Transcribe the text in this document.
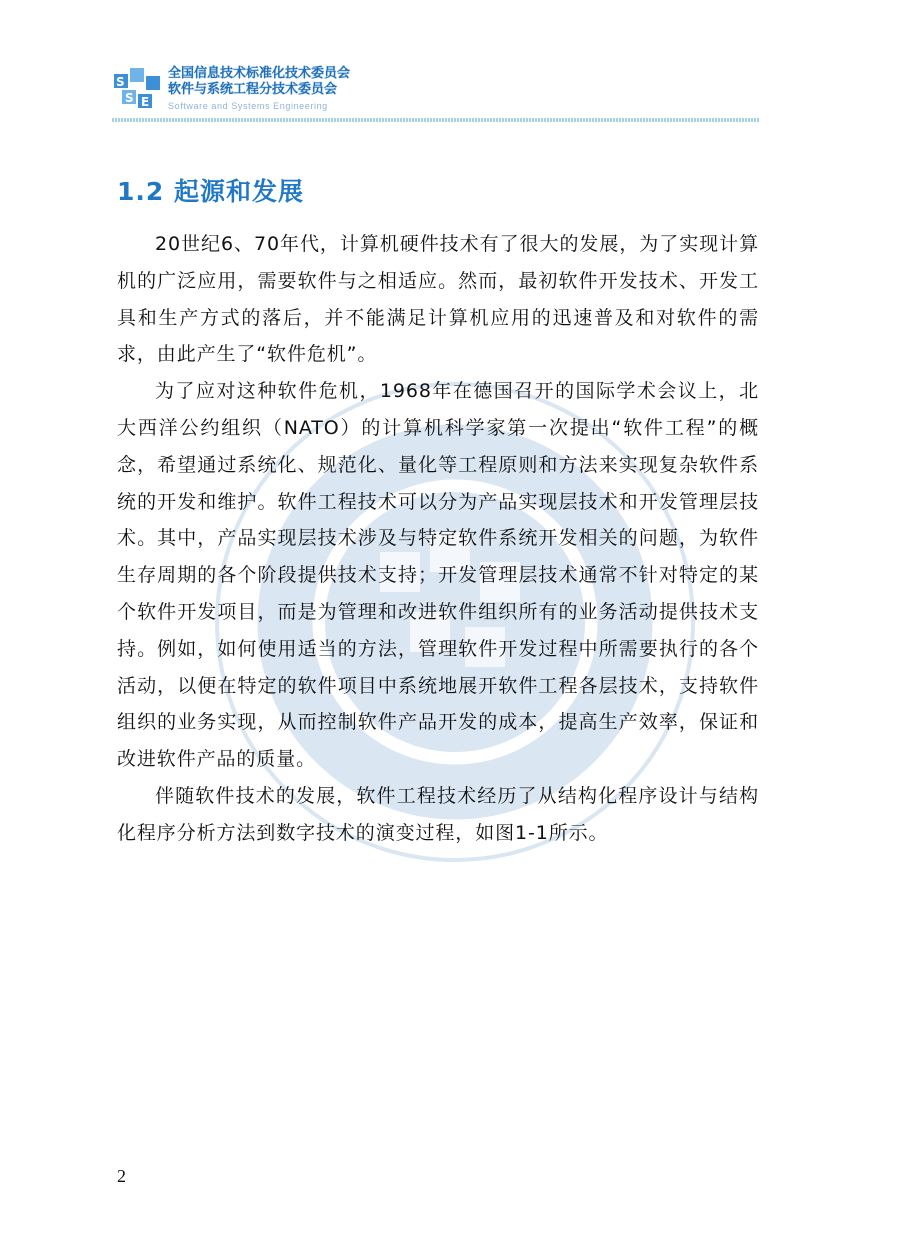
S
S E
全国信息技术标准化技术委员会
软件与系统工程分技术委员会
Software and Systems Engineering
1.2 起源和发展

20世纪6、70年代，计算机硬件技术有了很大的发展，为了实现计算机的广泛应用，需要软件与之相适应。然而，最初软件开发技术、开发工具和生产方式的落后，并不能满足计算机应用的迅速普及和对软件的需求，由此产生了“软件危机”。

为了应对这种软件危机，1968年在德国召开的国际学术会议上，北大西洋公约组织（NATO）的计算机科学家第一次提出“软件工程”的概念，希望通过系统化、规范化、量化等工程原则和方法来实现复杂软件系统的开发和维护。软件工程技术可以分为产品实现层技术和开发管理层技术。其中，产品实现层技术涉及与特定软件系统开发相关的问题，为软件生存周期的各个阶段提供技术支持；开发管理层技术通常不针对特定的某个软件开发项目，而是为管理和改进软件组织所有的业务活动提供技术支持。例如，如何使用适当的方法，管理软件开发过程中所需要执行的各个活动，以便在特定的软件项目中系统地展开软件工程各层技术，支持软件组织的业务实现，从而控制软件产品开发的成本，提高生产效率，保证和改进软件产品的质量。

伴随软件技术的发展，软件工程技术经历了从结构化程序设计与结构化程序分析方法到数字技术的演变过程，如图1-1所示。

2
